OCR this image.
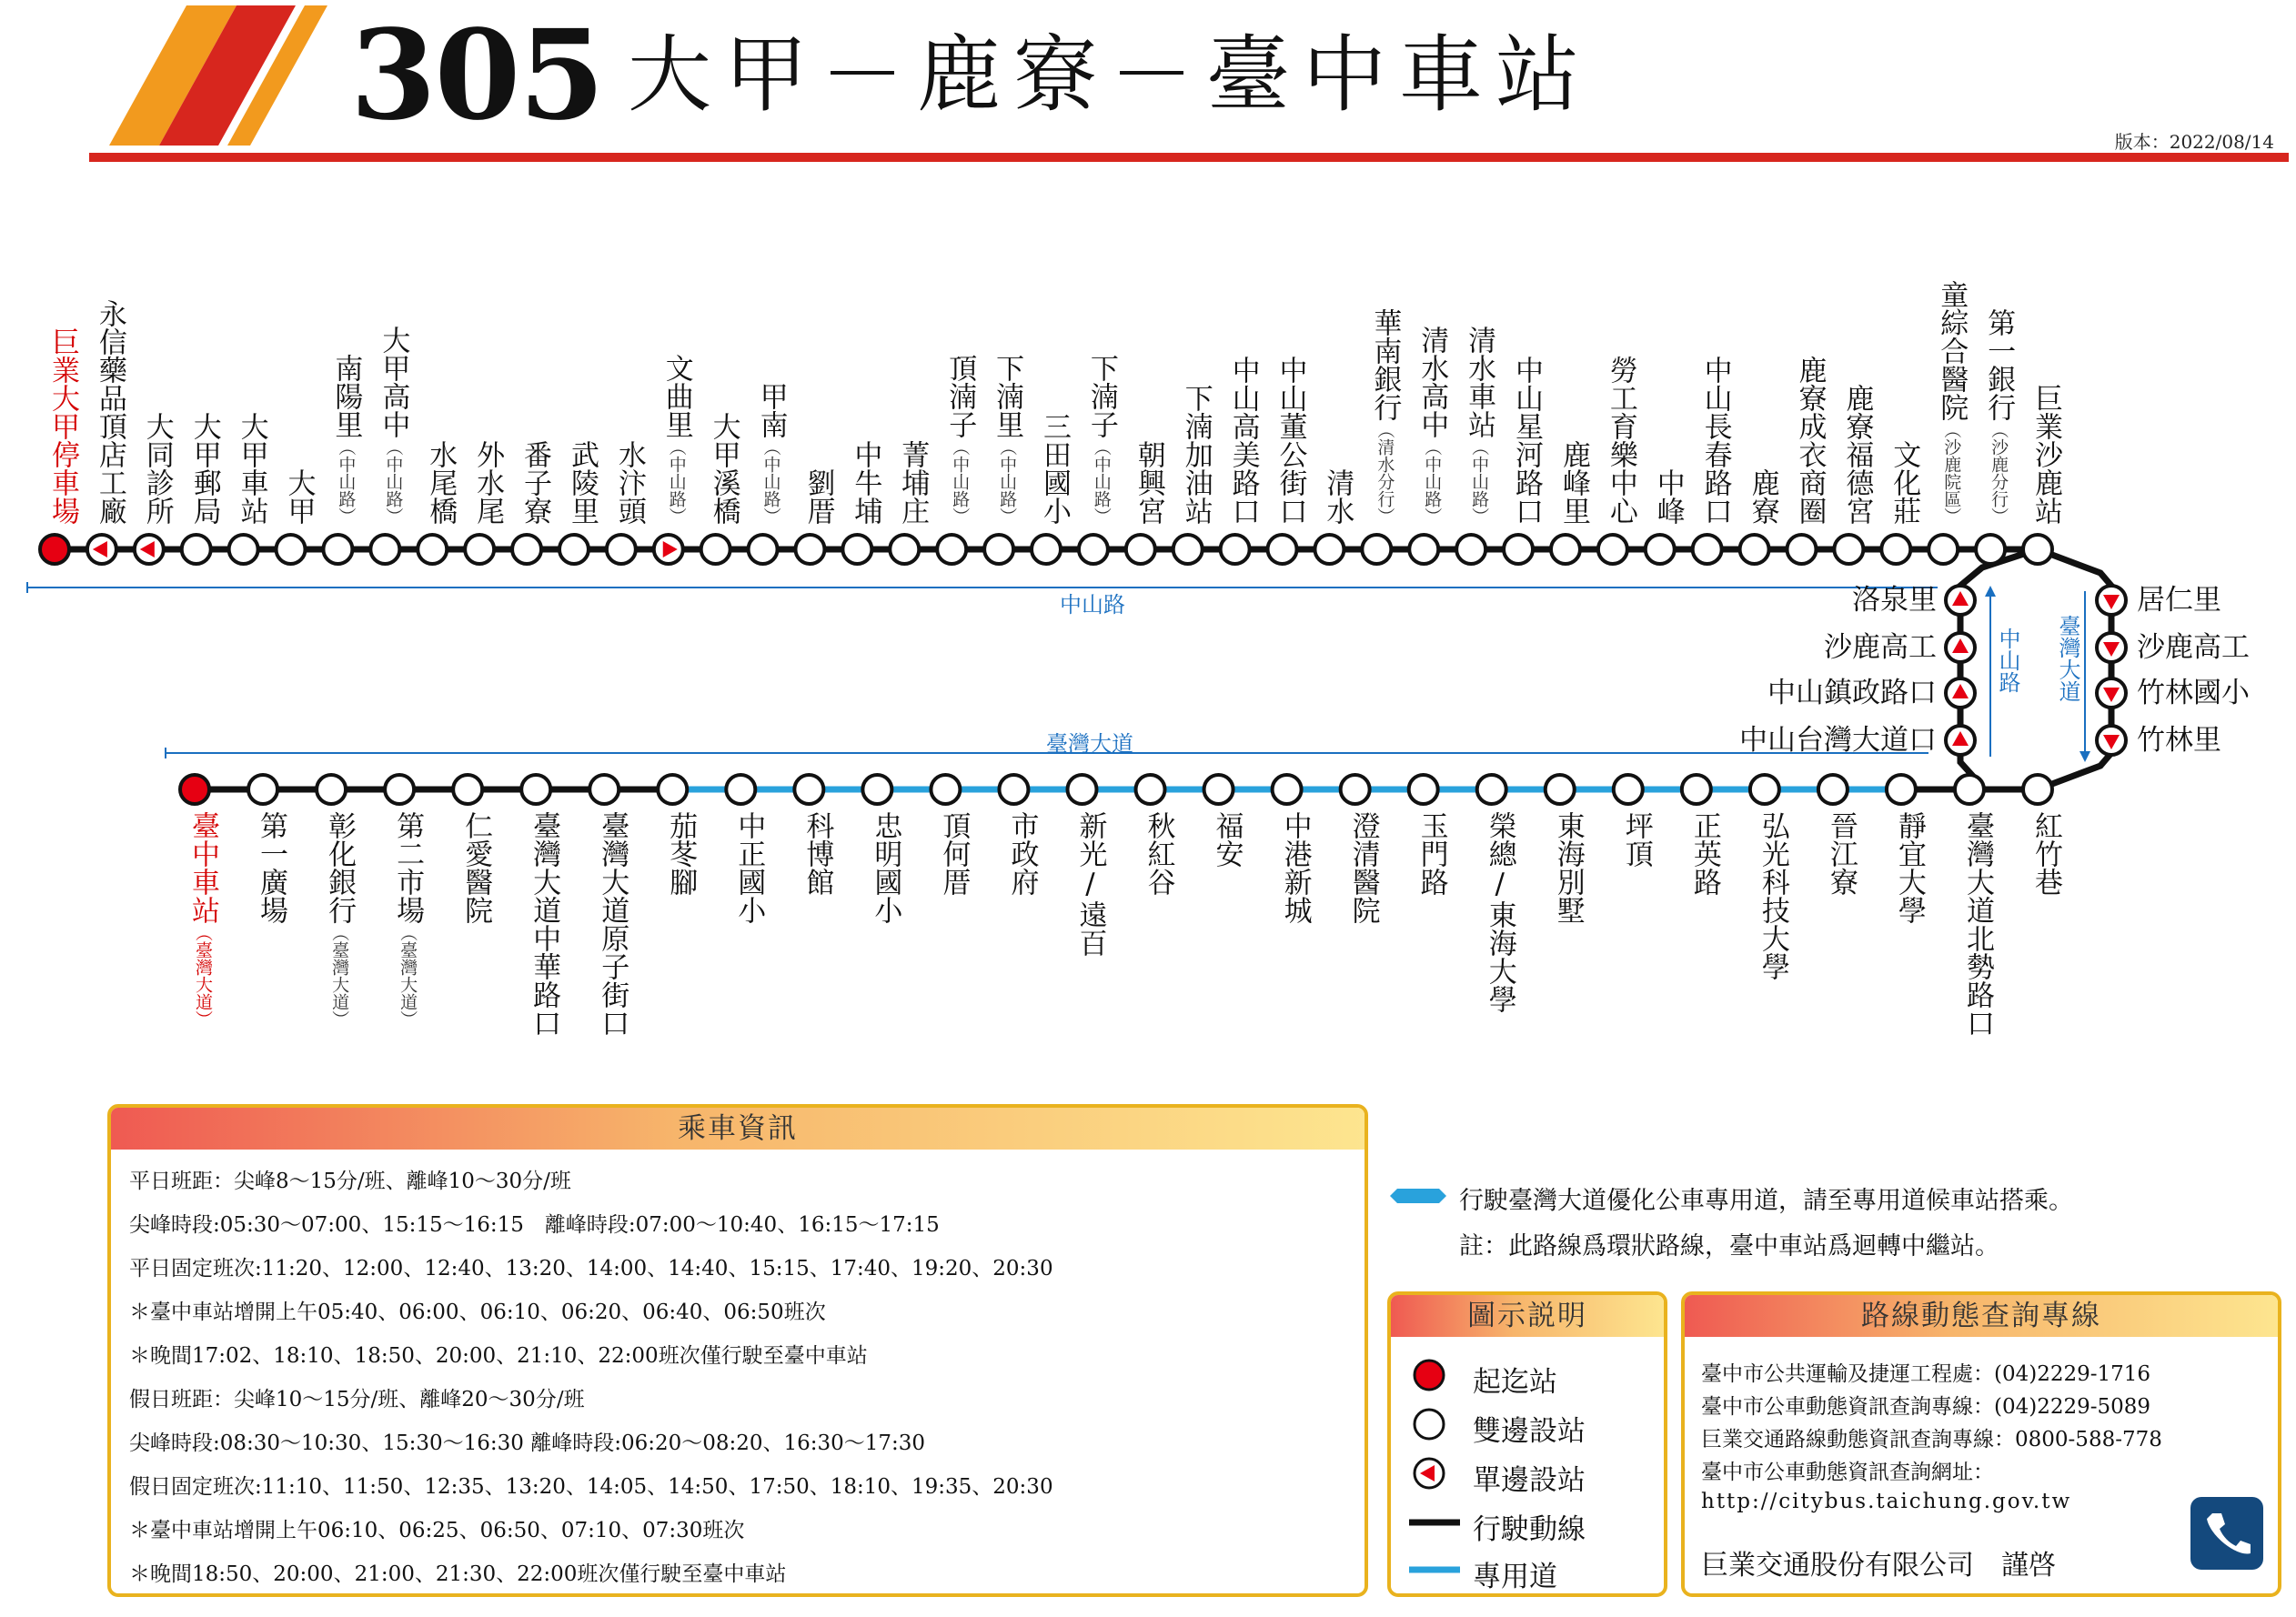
305 大甲－鹿寮－臺中車站
版本：2022/08/14
巨業大甲停車場 永信藥品頂店工廠 大同診所 大甲郵局 大甲車站 大甲
南陽里（中山路）
大甲高中（中山路） 水尾橋 外水尾 番子寮 武陵里 水汴頭
文曲里（中山路） 大甲溪橋
甲南（中山路） 劉厝 中牛埔 菁埔庄
頂湳子（中山路）
下湳里（中山路） 三田國小
下湳子（中山路） 朝興宮 下湳加油站 中山高美路口 中山董公街口 清水
華南銀行（清水分行）
清水高中（中山路）
清水車站（中山路） 中山星河路口 鹿峰里 勞工育樂中心 中峰 中山長春路口 鹿寮 鹿寮成衣商圈 鹿寮福德宮 文化莊
童綜合醫院（沙鹿院區）
第一銀行（沙鹿分行） 巨業沙鹿站
臺中車站（臺灣大道）
第一廣場	彰化銀行（臺灣大道）
第二市場（臺灣大道）
仁愛醫院	臺灣大道中華路口	臺灣大道原子街口	茄苳腳	中正國小	科博館	忠明國小	頂何厝	市政府	新光/遠百	秋紅谷	福安	中港新城	澄清醫院	玉門路	榮總/東海大學	東海別墅	坪頂	正英路	弘光科技大學	晉江寮	靜宜大學	臺灣大道北勢路口	紅竹巷
洛泉里
沙鹿高工
中山鎮政路口
中山台灣大道口
居仁里
沙鹿高工
竹林國小
竹林里
中山路
臺灣大道
中山路 臺灣大道
乘車資訊
平日班距：尖峰8～15分/班、離峰10～30分/班
尖峰時段:05:30～07:00、15:15～16:15　離峰時段:07:00～10:40、16:15～17:15
平日固定班次:11:20、12:00、12:40、13:20、14:00、14:40、15:15、17:40、19:20、20:30
＊臺中車站增開上午05:40、06:00、06:10、06:20、06:40、06:50班次
＊晚間17:02、18:10、18:50、20:00、21:10、22:00班次僅行駛至臺中車站
假日班距：尖峰10～15分/班、離峰20～30分/班
尖峰時段:08:30～10:30、15:30～16:30 離峰時段:06:20～08:20、16:30～17:30
假日固定班次:11:10、11:50、12:35、13:20、14:05、14:50、17:50、18:10、19:35、20:30
＊臺中車站增開上午06:10、06:25、06:50、07:10、07:30班次
＊晚間18:50、20:00、21:00、21:30、22:00班次僅行駛至臺中車站
行駛臺灣大道優化公車專用道，請至專用道候車站搭乘。
註：此路線爲環狀路線，臺中車站爲迴轉中繼站。
圖示説明
起迄站
雙邊設站
單邊設站
行駛動線
專用道
路線動態查詢專線
臺中市公共運輸及捷運工程處：(04)2229-1716
臺中市公車動態資訊查詢專線：(04)2229-5089
巨業交通路線動態資訊查詢專線：0800-588-778
臺中市公車動態資訊查詢網址：
http://citybus.taichung.gov.tw
巨業交通股份有限公司　謹啓
